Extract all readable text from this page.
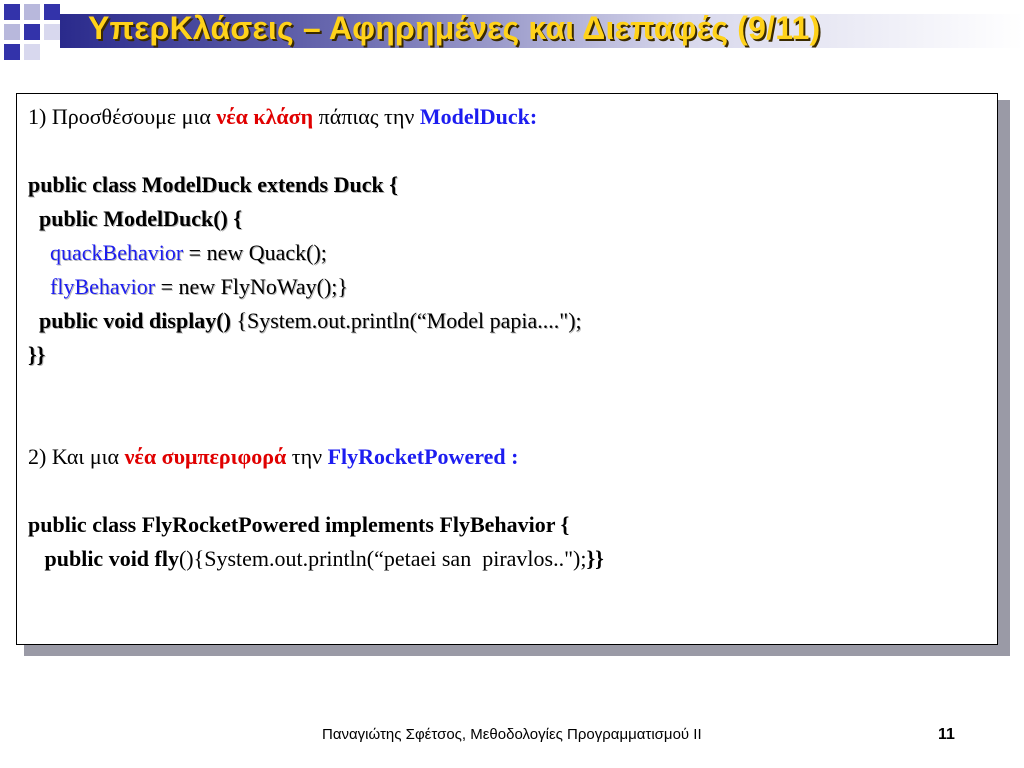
ΥπερΚλάσεις – Αφηρημένες και Διεπαφές (9/11)
1) Προσθέσουμε μια νέα κλάση πάπιας την ModelDuck:
public class ModelDuck extends Duck {
public ModelDuck() {
quackBehavior = new Quack();
flyBehavior = new FlyNoWay();}
public void display() {System.out.println(“Model papia....");
}}
2) Και μια νέα συμπεριφορά την FlyRocketPowered :
public class FlyRocketPowered implements FlyBehavior {
public void fly(){System.out.println(“petaei san  piravlos..");}}
Παναγιώτης Σφέτσος, Μεθοδολογίες Προγραμματισμού ΙΙ	11
